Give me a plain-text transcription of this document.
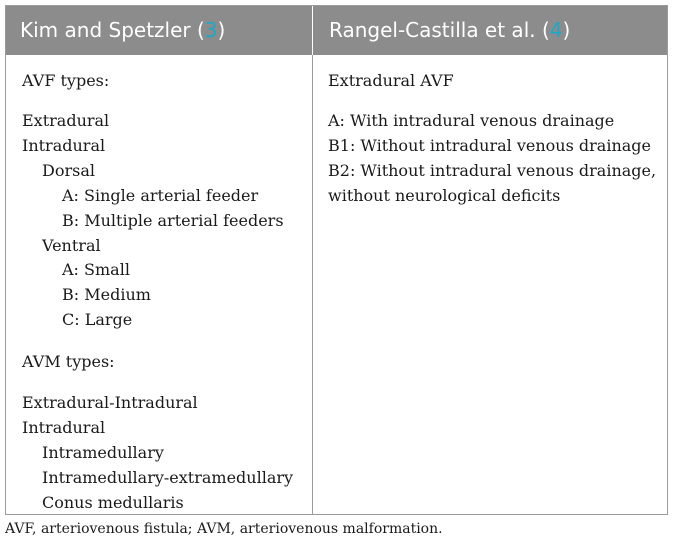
Kim and Spetzler (3)	Rangel-Castilla et al. (4)
AVF types:
Extradural
Intradural
Dorsal
A: Single arterial feeder
B: Multiple arterial feeders
Ventral
A: Small
B: Medium
C: Large
AVM types:
Extradural-Intradural
Intradural
Intramedullary
Intramedullary-extramedullary
Conus medullaris
Extradural AVF
A: With intradural venous drainage
B1: Without intradural venous drainage
B2: Without intradural venous drainage,
without neurological deficits
AVF, arteriovenous fistula; AVM, arteriovenous malformation.
